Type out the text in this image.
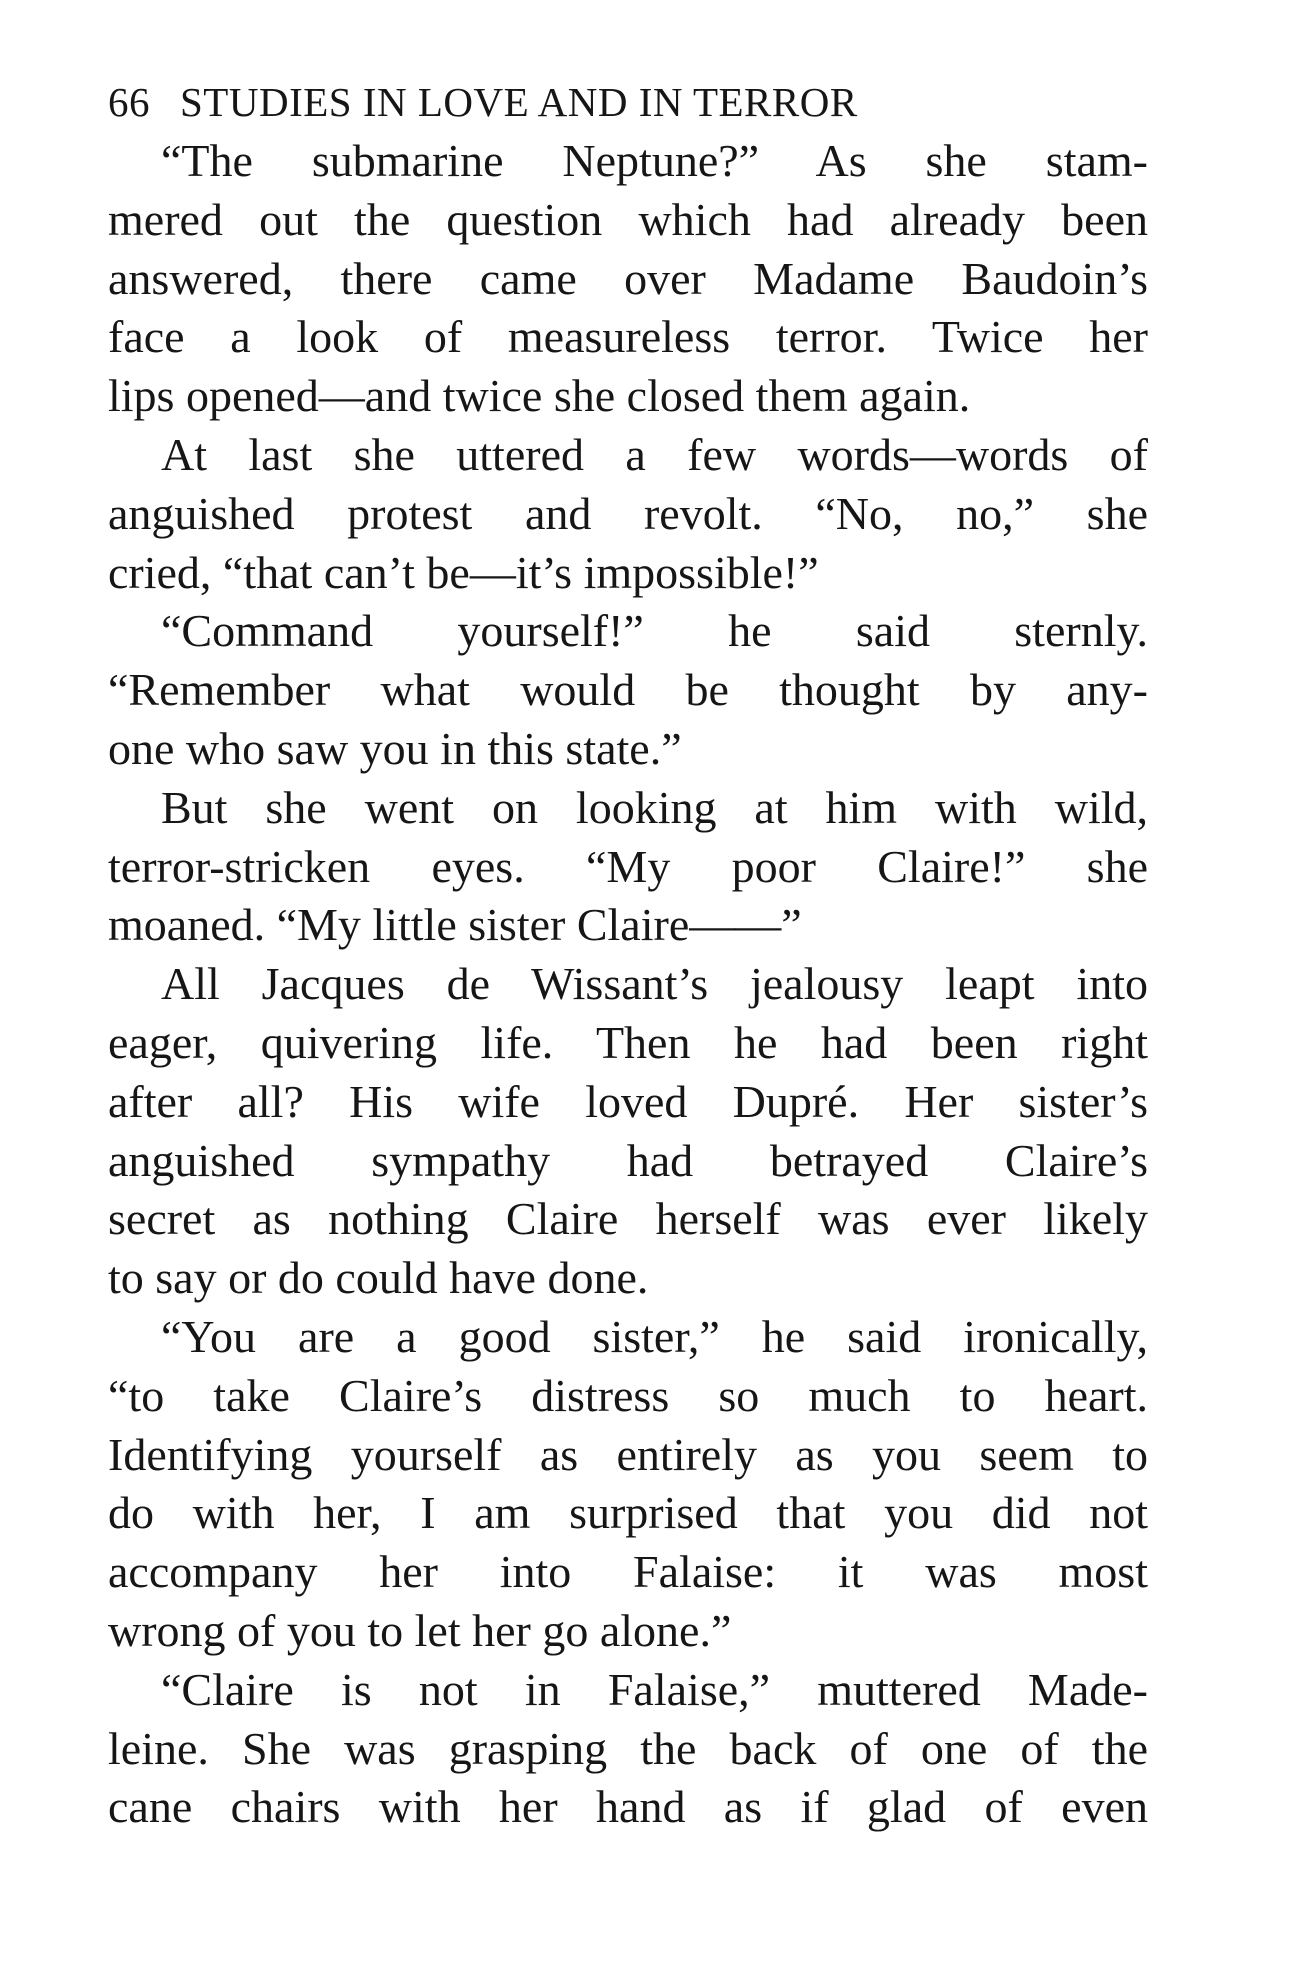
66 STUDIES IN LOVE AND IN TERROR
“The submarine Neptune?” As she stam-
mered out the question which had already been
answered, there came over Madame Baudoin’s
face a look of measureless terror. Twice her
lips opened—and twice she closed them again.
At last she uttered a few words—words of
anguished protest and revolt. “No, no,” she
cried, “that can’t be—it’s impossible!”
“Command yourself!” he said sternly.
“Remember what would be thought by any-
one who saw you in this state.”
But she went on looking at him with wild,
terror-stricken eyes. “My poor Claire!” she
moaned. “My little sister Claire——”
All Jacques de Wissant’s jealousy leapt into
eager, quivering life. Then he had been right
after all? His wife loved Dupré. Her sister’s
anguished sympathy had betrayed Claire’s
secret as nothing Claire herself was ever likely
to say or do could have done.
“You are a good sister,” he said ironically,
“to take Claire’s distress so much to heart.
Identifying yourself as entirely as you seem to
do with her, I am surprised that you did not
accompany her into Falaise: it was most
wrong of you to let her go alone.”
“Claire is not in Falaise,” muttered Made-
leine. She was grasping the back of one of the
cane chairs with her hand as if glad of even
